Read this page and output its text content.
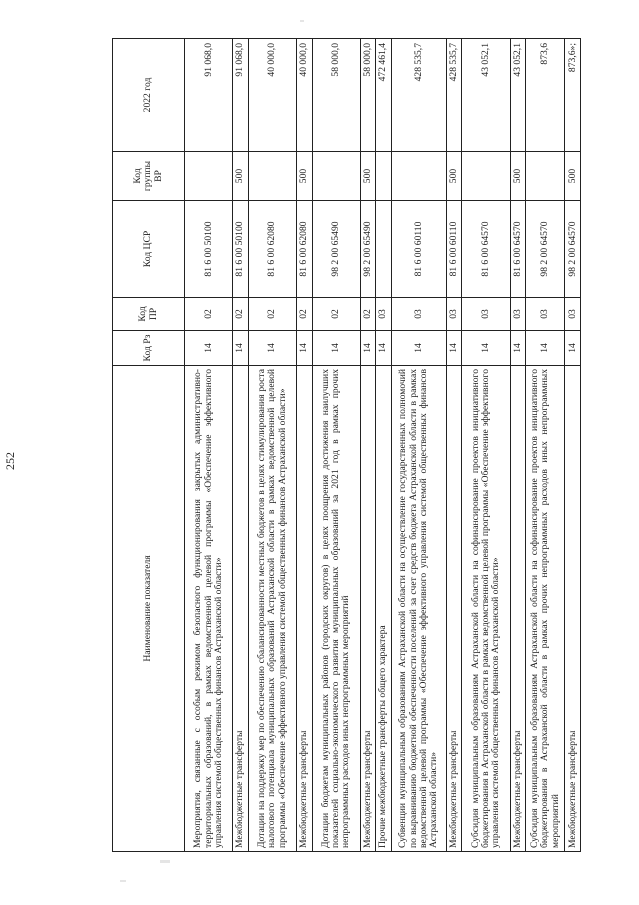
252
Наименование показателя	Код Рз	Код ПР	Код ЦСР	Код группы ВР	2022 год
Мероприятия, связанные с особым режимом безопасного функционирования закрытых административно-территориальных образований, в рамках ведомственной целевой программы «Обеспечение эффективного управления системой общественных финансов Астраханской области»	14	02	81 6 00 50100		91 068,0
Межбюджетные трансферты	14	02	81 6 00 50100	500	91 068,0
Дотации на поддержку мер по обеспечению сбалансированности местных бюджетов в целях стимулирования роста налогового потенциала муниципальных образований Астраханской области в рамках ведомственной целевой программы «Обеспечение эффективного управления системой общественных финансов Астраханской области»	14	02	81 6 00 62080		40 000,0
Межбюджетные трансферты	14	02	81 6 00 62080	500	40 000,0
Дотации бюджетам муниципальных районов (городских округов) в целях поощрения достижения наилучших показателей социально-экономического развития муниципальных образований за 2021 год в рамках прочих непрограммных расходов иных непрограммных мероприятий	14	02	98 2 00 65490		58 000,0
Межбюджетные трансферты	14	02	98 2 00 65490	500	58 000,0
Прочие межбюджетные трансферты общего характера	14	03			472 461,4
Субвенции муниципальным образованиям Астраханской области на осуществление государственных полномочий по выравниванию бюджетной обеспеченности поселений за счет средств бюджета Астраханской области в рамках ведомственной целевой программы «Обеспечение эффективного управления системой общественных финансов Астраханской области»	14	03	81 6 00 60110		428 535,7
Межбюджетные трансферты	14	03	81 6 00 60110	500	428 535,7
Субсидия муниципальным образованиям Астраханской области на софинансирование проектов инициативного бюджетирования в Астраханской области в рамках ведомственной целевой программы «Обеспечение эффективного управления системой общественных финансов Астраханской области»	14	03	81 6 00 64570		43 052,1
Межбюджетные трансферты	14	03	81 6 00 64570	500	43 052,1
Субсидия муниципальным образованиям Астраханской области на софинансирование проектов инициативного бюджетирования в Астраханской области в рамках прочих непрограммных расходов иных непрограммных мероприятий	14	03	98 2 00 64570		873,6
Межбюджетные трансферты	14	03	98 2 00 64570	500	873,6»;
